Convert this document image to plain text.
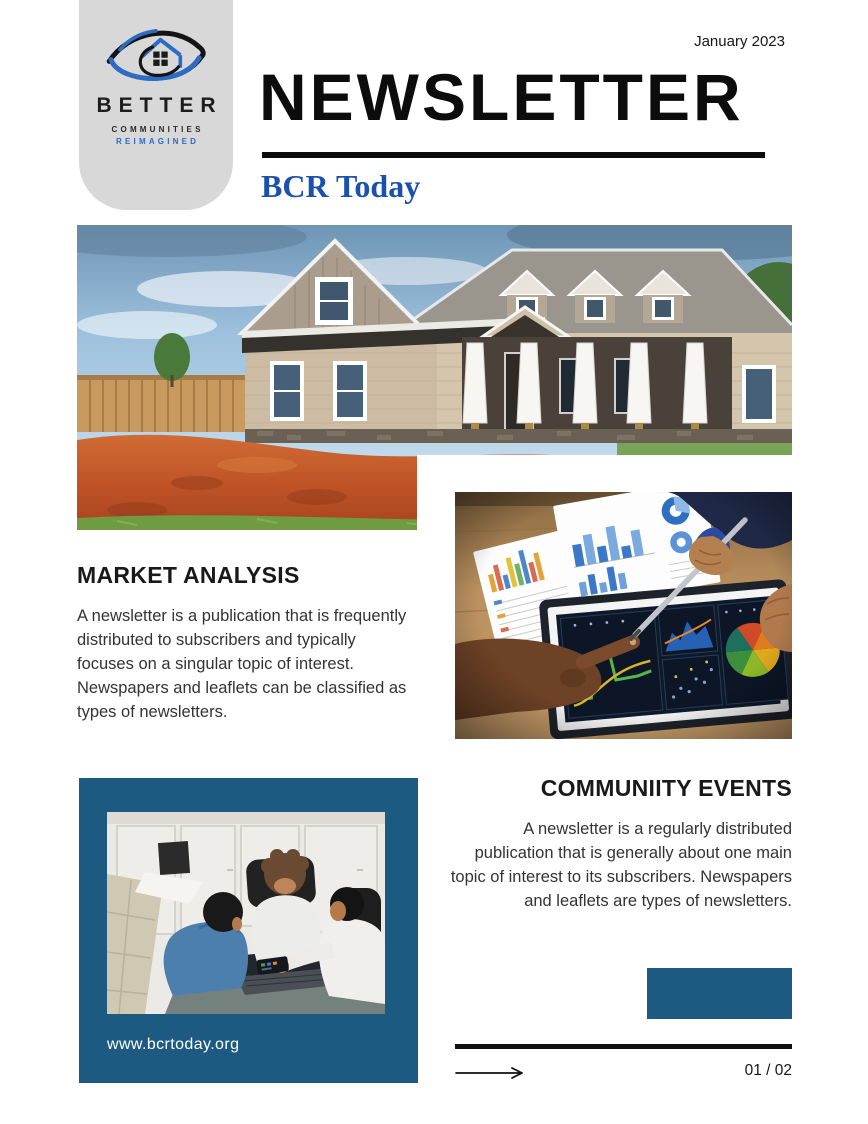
BETTER
COMMUNITIES
REIMAGINED
January 2023
NEWSLETTER
BCR Today
MARKET ANALYSIS
A newsletter is a publication that is frequently distributed to subscribers and typically focuses on a singular topic of interest. Newspapers and leaflets can be classified as types of newsletters.
www.bcrtoday.org
COMMUNIITY EVENTS
A newsletter is a regularly distributed publication that is generally about one main topic of interest to its subscribers. Newspapers and leaflets are types of newsletters.
01 / 02
